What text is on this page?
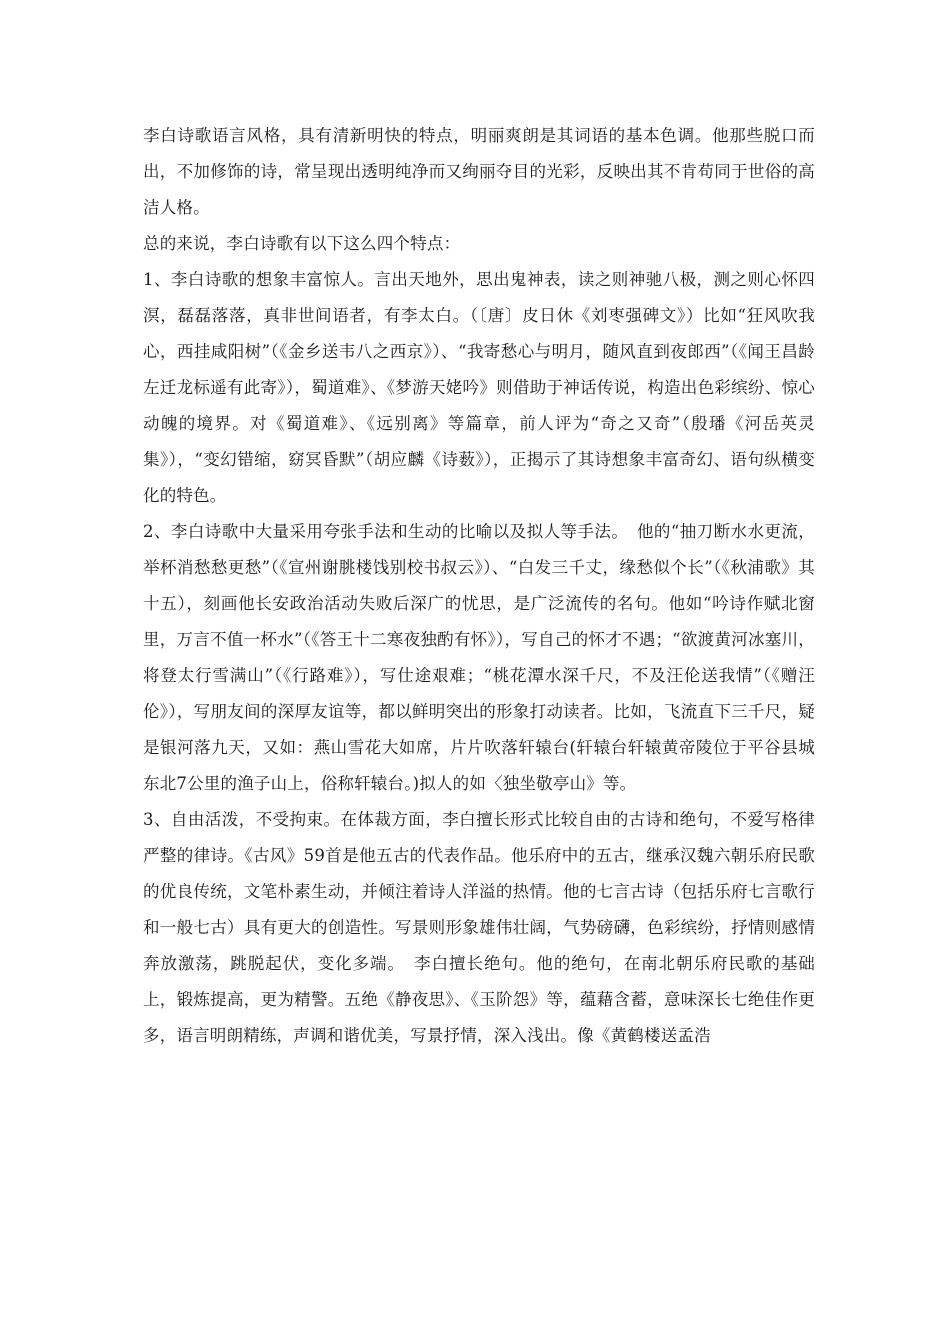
李白诗歌语言风格，具有清新明快的特点，明丽爽朗是其词语的基本色调。他那些脱口而出，不加修饰的诗，常呈现出透明纯净而又绚丽夺目的光彩，反映出其不肯苟同于世俗的高洁人格。

总的来说，李白诗歌有以下这么四个特点：

1、李白诗歌的想象丰富惊人。言出天地外，思出鬼神表，读之则神驰八极，测之则心怀四溟，磊磊落落，真非世间语者，有李太白。（〔唐〕皮日休《刘枣强碑文》）比如“狂风吹我心，西挂咸阳树”（《金乡送韦八之西京》）、“我寄愁心与明月，随风直到夜郎西”（《闻王昌龄左迁龙标遥有此寄》），蜀道难》、《梦游天姥吟》则借助于神话传说，构造出色彩缤纷、惊心动魄的境界。对《蜀道难》、《远别离》等篇章，前人评为“奇之又奇”（殷璠《河岳英灵集》），“变幻错缩，窈冥昏默”（胡应麟《诗薮》），正揭示了其诗想象丰富奇幻、语句纵横变化的特色。

2、李白诗歌中大量采用夸张手法和生动的比喻以及拟人等手法。　他的“抽刀断水水更流，举杯消愁愁更愁”（《宣州谢朓楼饯别校书叔云》）、“白发三千丈，缘愁似个长”（《秋浦歌》其十五），刻画他长安政治活动失败后深广的忧思，是广泛流传的名句。他如“吟诗作赋北窗里，万言不值一杯水”（《答王十二寒夜独酌有怀》），写自己的怀才不遇；“欲渡黄河冰塞川，将登太行雪满山”（《行路难》），写仕途艰难；“桃花潭水深千尺，不及汪伦送我情”（《赠汪伦》），写朋友间的深厚友谊等，都以鲜明突出的形象打动读者。比如，飞流直下三千尺，疑是银河落九天，又如：燕山雪花大如席，片片吹落轩辕台(轩辕台轩辕黄帝陵位于平谷县城东北7公里的渔子山上，俗称轩辕台。)拟人的如〈独坐敬亭山》等。

3、自由活泼，不受拘束。在体裁方面，李白擅长形式比较自由的古诗和绝句，不爱写格律严整的律诗。《古风》59首是他五古的代表作品。他乐府中的五古，继承汉魏六朝乐府民歌的优良传统，文笔朴素生动，并倾注着诗人洋溢的热情。他的七言古诗（包括乐府七言歌行和一般七古）具有更大的创造性。写景则形象雄伟壮阔，气势磅礴，色彩缤纷，抒情则感情奔放激荡，跳脱起伏，变化多端。　李白擅长绝句。他的绝句，在南北朝乐府民歌的基础上，锻炼提高，更为精警。五绝《静夜思》、《玉阶怨》等，蕴藉含蓄，意味深长七绝佳作更多，语言明朗精练，声调和谐优美，写景抒情，深入浅出。像《黄鹤楼送孟浩
